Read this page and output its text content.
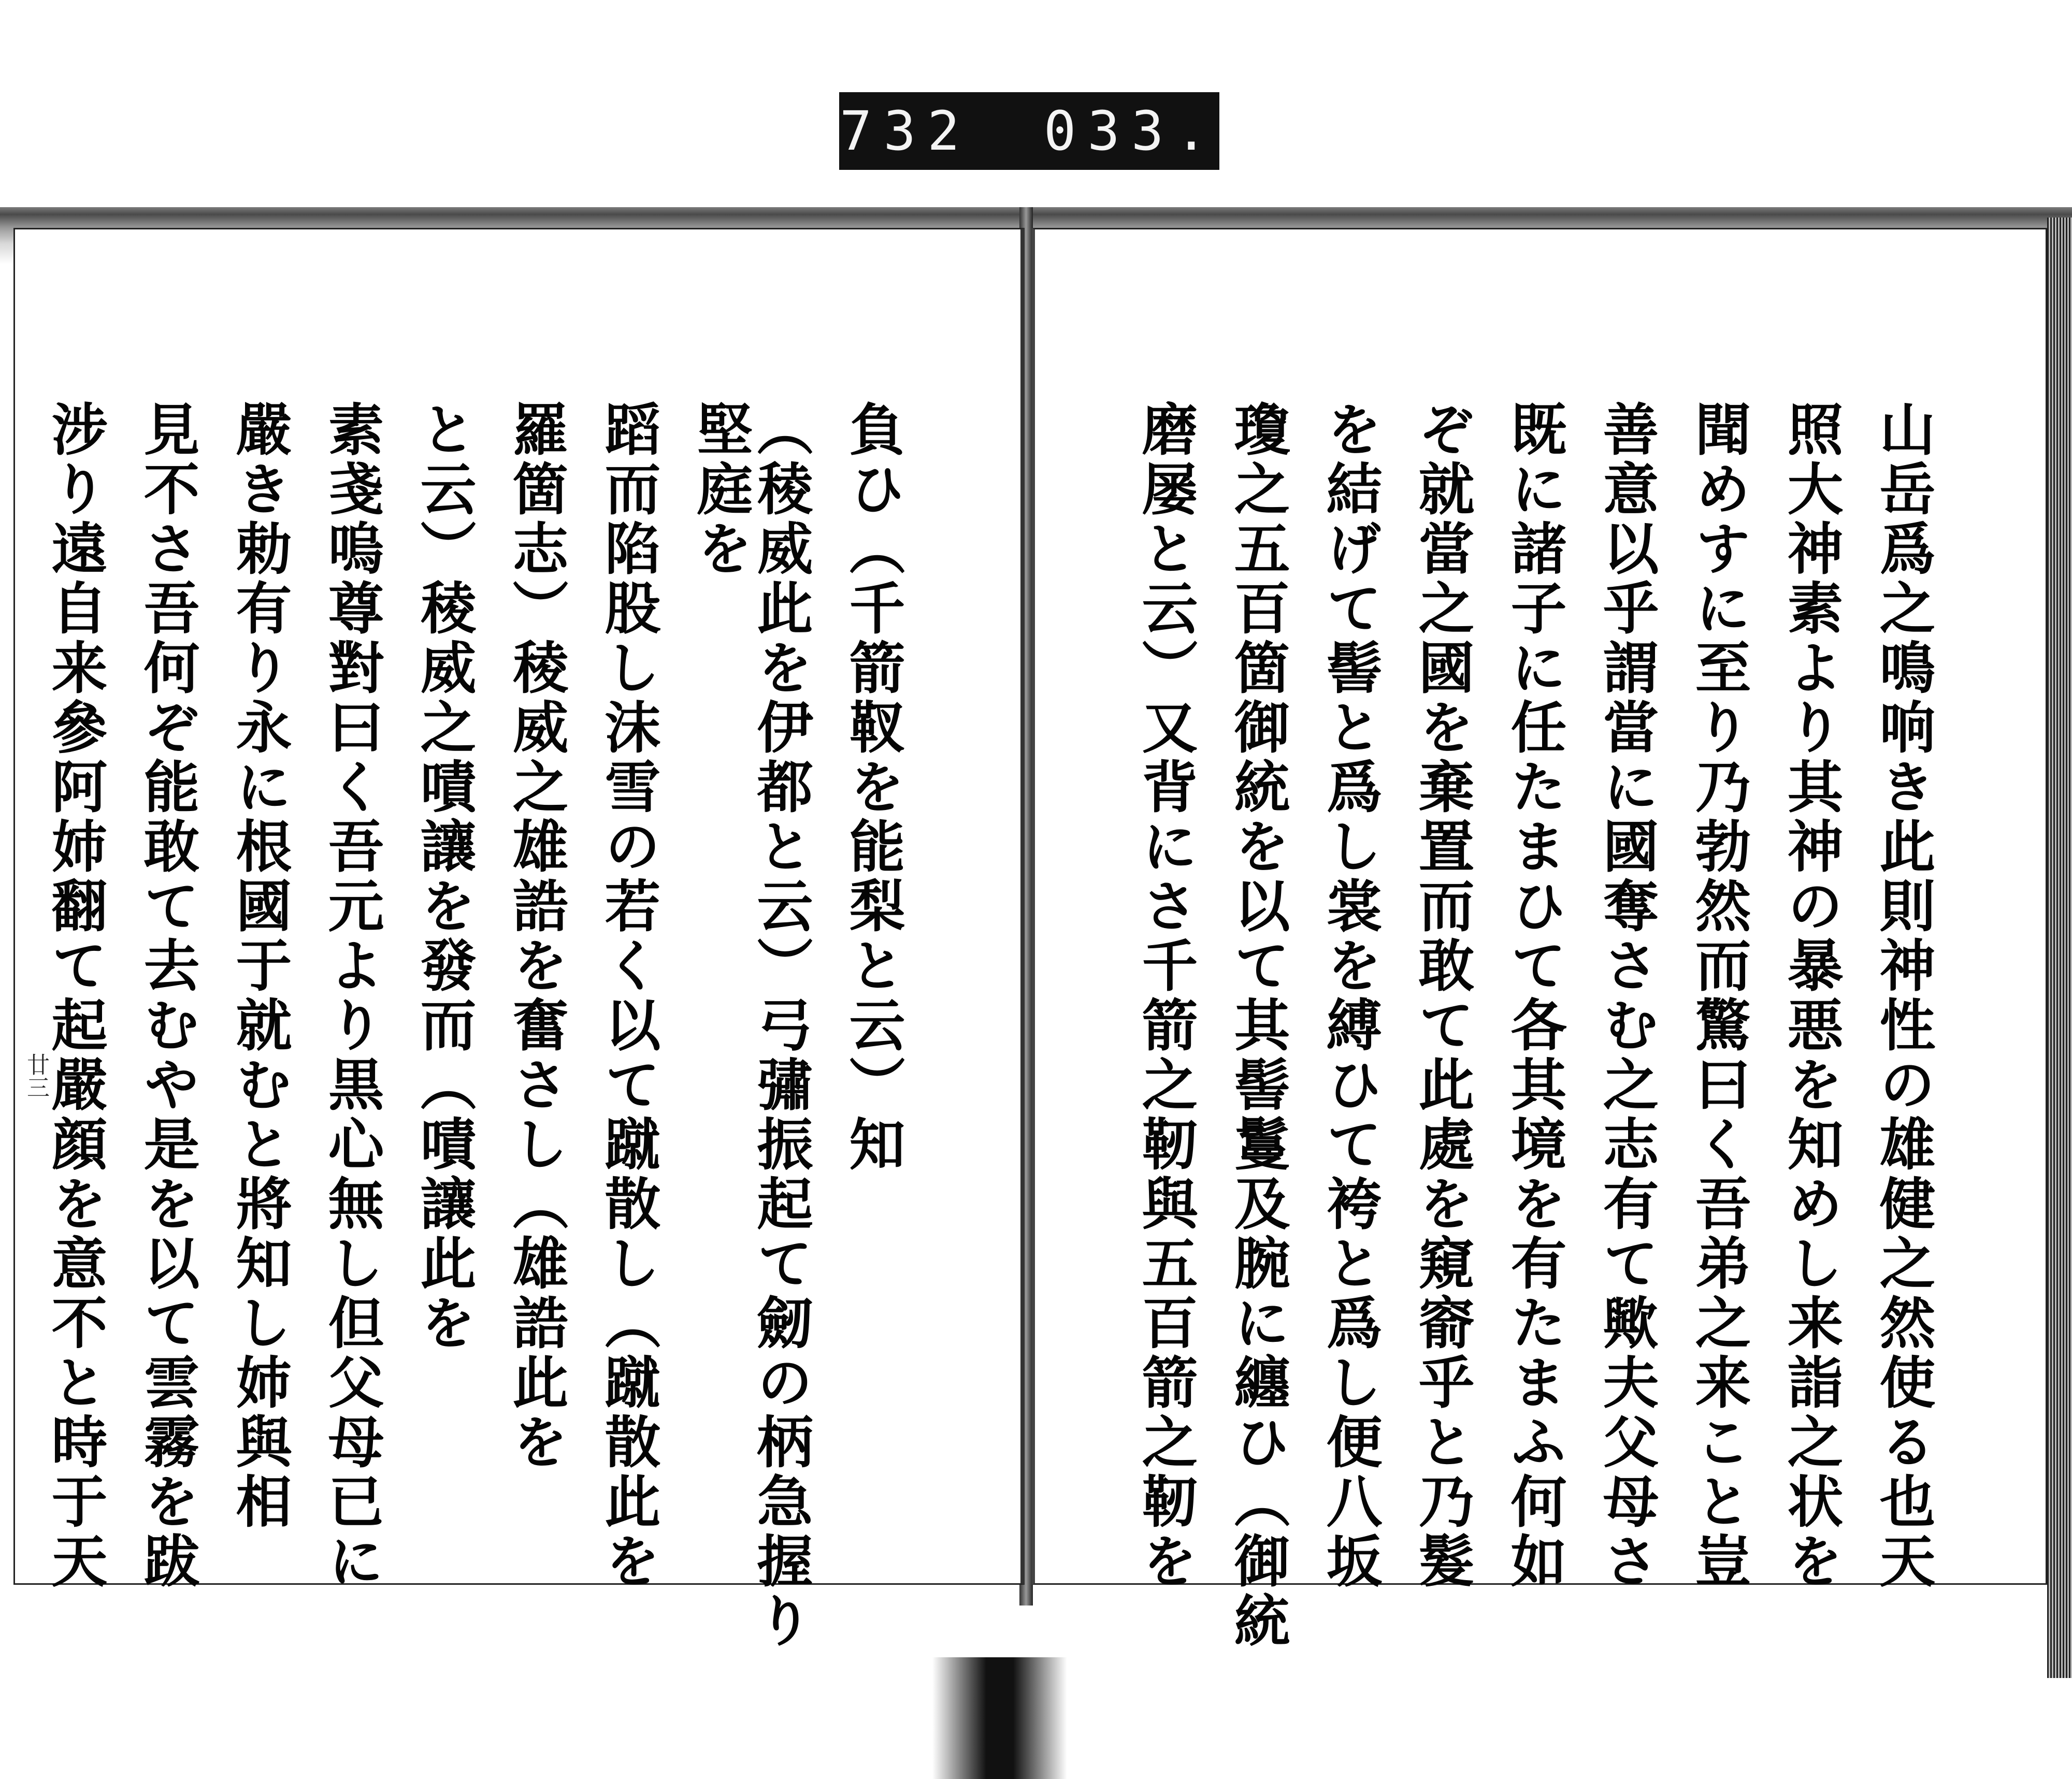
732 033.
廿三	負ひ（千箭靫を能梨と云）知
（稜威此を伊都と云）弓彇振起て劒の柄急握り堅庭を
蹈而陷股し沫雪の若く以て蹴散し（蹴散此を
羅箇志）稜威之雄誥を奮さし（雄誥此を
と云）稜威之嘖讓を發而（嘖讓此を
素戔嗚尊對曰く吾元より黒心無し但父母已に
嚴き勅有り永に根國于就むと將知し姉與相
見不さ吾何ぞ能敢て去むや是を以て雲霧を跋
涉り遠自来參阿姉翻て起嚴顔を意不と時于天	山岳爲之鳴响き此則神性の雄健之然使る也天
照大神素より其神の暴悪を知めし来詣之状を
聞めすに至り乃勃然而驚曰く吾弟之来こと豈
善意以乎謂當に國奪さむ之志有て歟夫父母さ
既に諸子に任たまひて各其境を有たまふ何如
ぞ就當之國を棄置而敢て此處を窺窬乎と乃髮
を結げて髻と爲し裳を縛ひて袴と爲し便八坂
瓊之五百箇御統を以て其髻鬘及腕に纏ひ（御統
磨屡と云）又背にさ千箭之靭與五百箭之靭を
